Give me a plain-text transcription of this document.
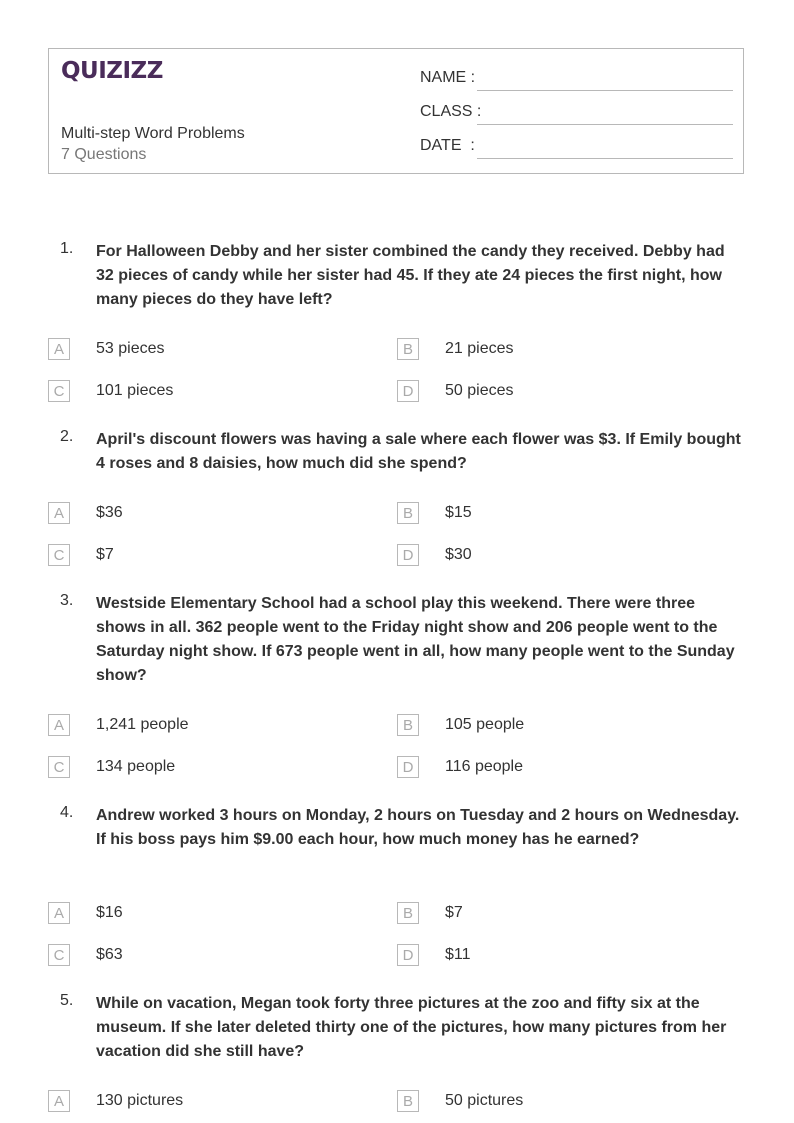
QUIZIZZ
Multi-step Word Problems
7 Questions
NAME :
CLASS :
DATE  :
1. For Halloween Debby and her sister combined the candy they received. Debby had 32 pieces of candy while her sister had 45. If they ate 24 pieces the first night, how many pieces do they have left?
A	53 pieces	B	21 pieces
C	101 pieces	D	50 pieces
2. April's discount flowers was having a sale where each flower was $3. If Emily bought 4 roses and 8 daisies, how much did she spend?
A	$36	B	$15
C	$7	D	$30
3. Westside Elementary School had a school play this weekend. There were three shows in all. 362 people went to the Friday night show and 206 people went to the Saturday night show. If 673 people went in all, how many people went to the Sunday show?
A	1,241 people	B	105 people
C	134 people	D	116 people
4. Andrew worked 3 hours on Monday, 2 hours on Tuesday and 2 hours on Wednesday. If his boss pays him $9.00 each hour, how much money has he earned?
A	$16	B	$7
C	$63	D	$11
5. While on vacation, Megan took forty three pictures at the zoo and fifty six at the museum. If she later deleted thirty one of the pictures, how many pictures from her vacation did she still have?
A	130 pictures	B	50 pictures
